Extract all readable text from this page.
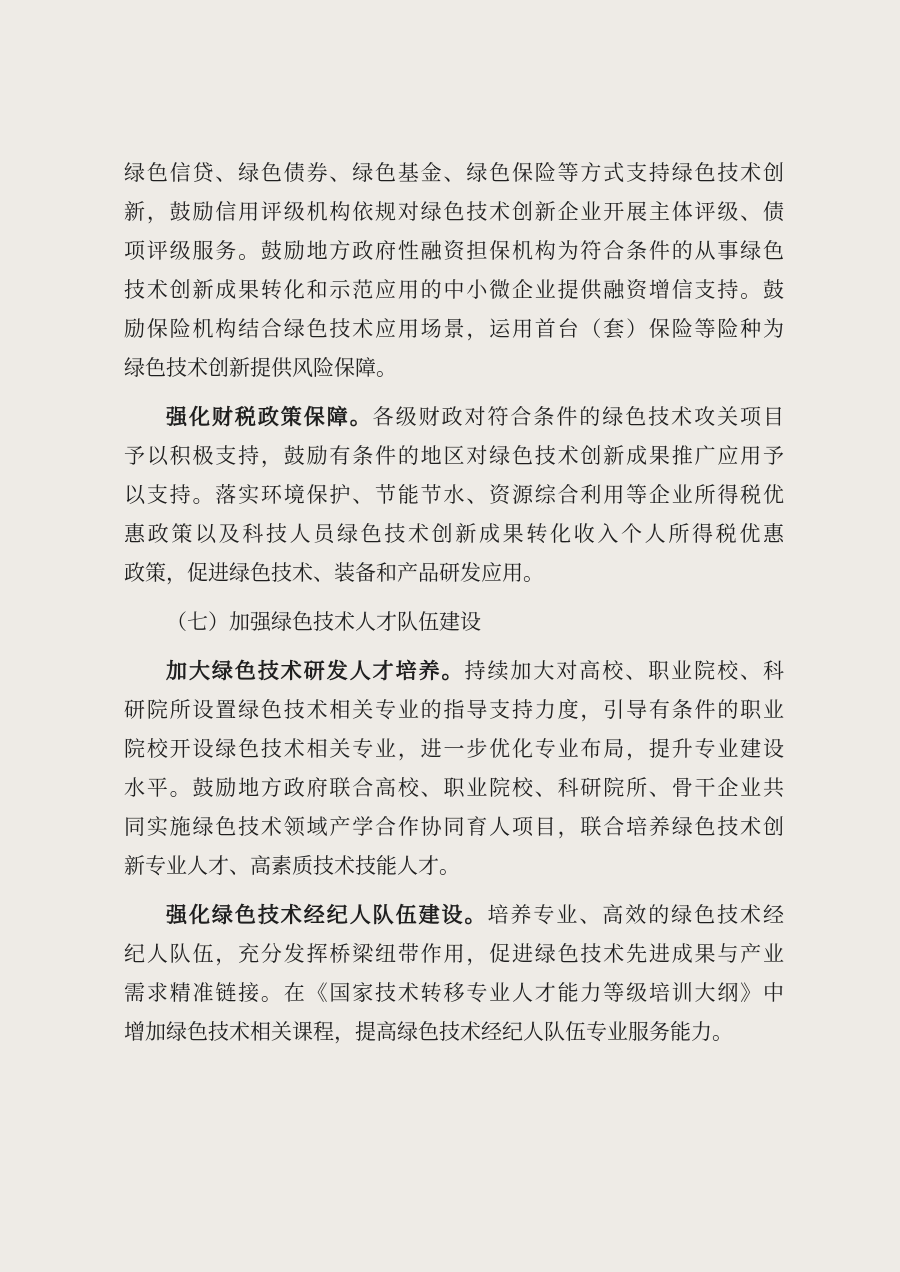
绿色信贷、绿色债券、绿色基金、绿色保险等方式支持绿色技术创
新，鼓励信用评级机构依规对绿色技术创新企业开展主体评级、债
项评级服务。鼓励地方政府性融资担保机构为符合条件的从事绿色
技术创新成果转化和示范应用的中小微企业提供融资增信支持。鼓
励保险机构结合绿色技术应用场景，运用首台（套）保险等险种为
绿色技术创新提供风险保障。
强化财税政策保障。各级财政对符合条件的绿色技术攻关项目
予以积极支持，鼓励有条件的地区对绿色技术创新成果推广应用予
以支持。落实环境保护、节能节水、资源综合利用等企业所得税优
惠政策以及科技人员绿色技术创新成果转化收入个人所得税优惠
政策，促进绿色技术、装备和产品研发应用。
（七）加强绿色技术人才队伍建设
加大绿色技术研发人才培养。持续加大对高校、职业院校、科
研院所设置绿色技术相关专业的指导支持力度，引导有条件的职业
院校开设绿色技术相关专业，进一步优化专业布局，提升专业建设
水平。鼓励地方政府联合高校、职业院校、科研院所、骨干企业共
同实施绿色技术领域产学合作协同育人项目，联合培养绿色技术创
新专业人才、高素质技术技能人才。
强化绿色技术经纪人队伍建设。培养专业、高效的绿色技术经
纪人队伍，充分发挥桥梁纽带作用，促进绿色技术先进成果与产业
需求精准链接。在《国家技术转移专业人才能力等级培训大纲》中
增加绿色技术相关课程，提高绿色技术经纪人队伍专业服务能力。
